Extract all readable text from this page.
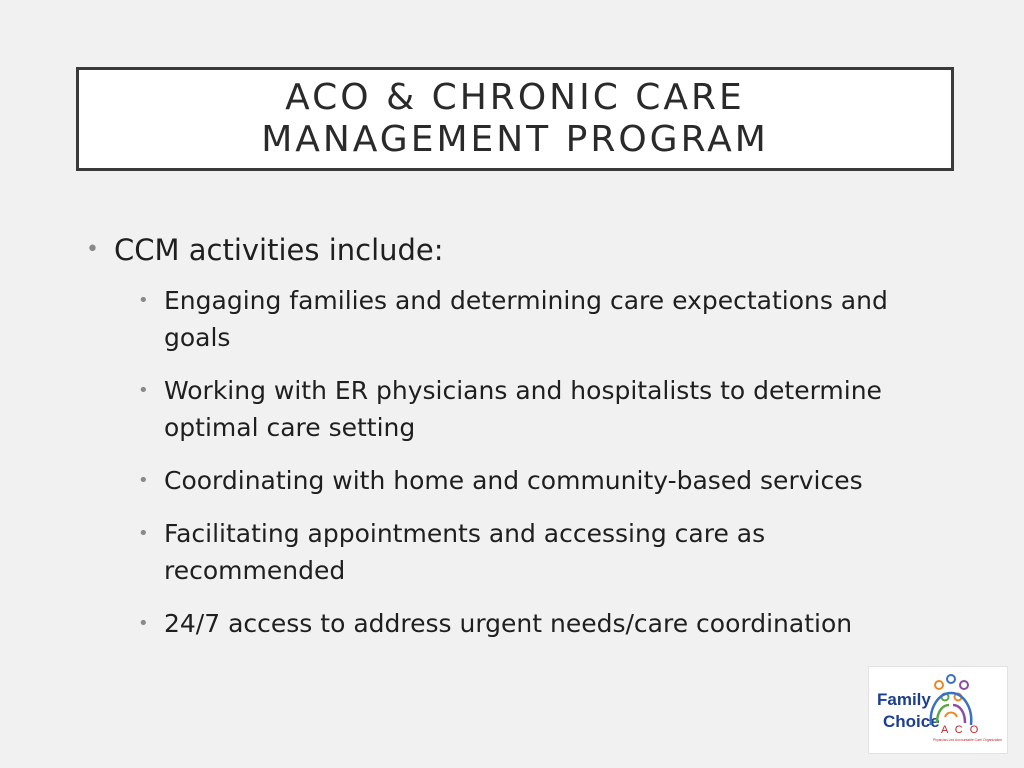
ACO & CHRONIC CARE
MANAGEMENT PROGRAM
• CCM activities include:
• Engaging families and determining care expectations and goals
• Working with ER physicians and hospitalists to determine optimal care setting
• Coordinating with home and community-based services
• Facilitating appointments and accessing care as recommended
• 24/7 access to address urgent needs/care coordination
Family
Choice A C O
Physician-Led Accountable Care Organization
